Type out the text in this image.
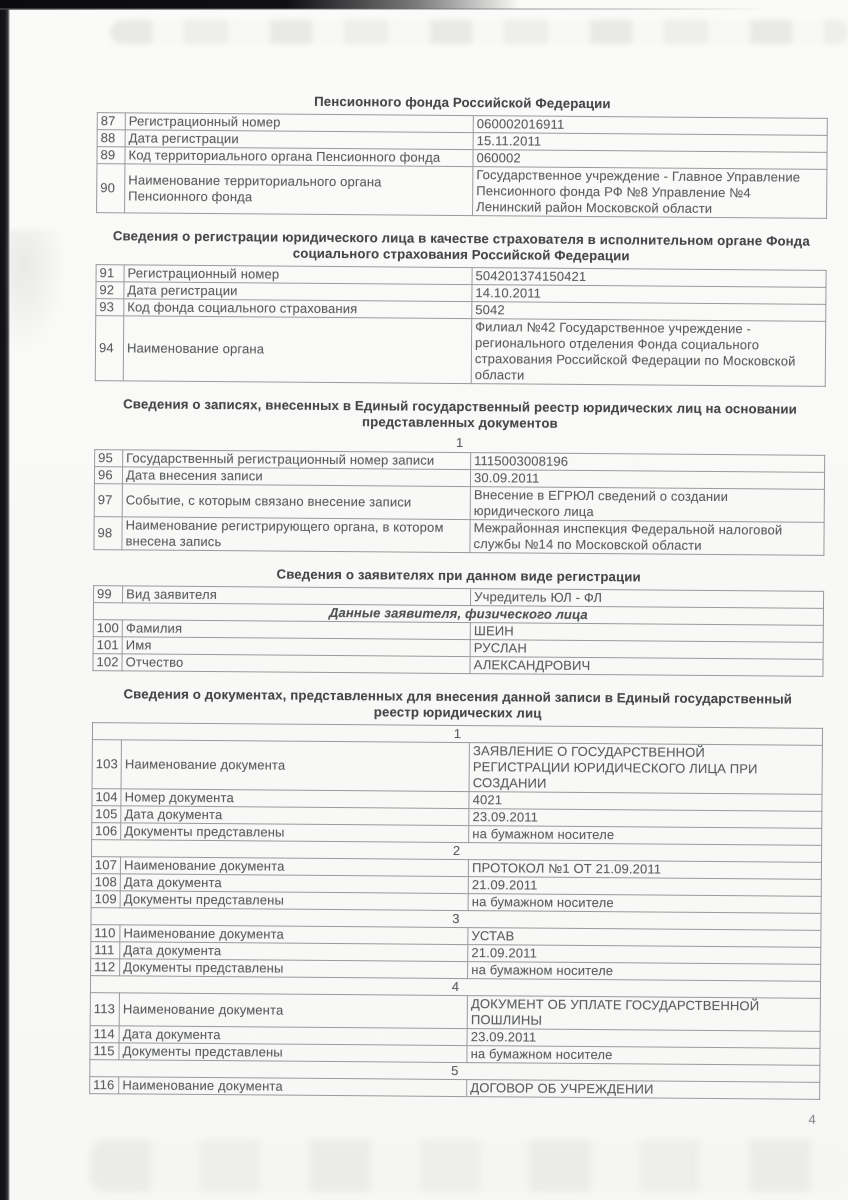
Пенсионного фонда Российской Федерации
87	Регистрационный номер	060002016911
88	Дата регистрации	15.11.2011
89	Код территориального органа Пенсионного фонда	060002
90	Наименование территориального органа
Пенсионного фонда	Государственное учреждение - Главное Управление
Пенсионного фонда РФ №8 Управление №4
Ленинский район Московской области
Сведения о регистрации юридического лица в качестве страхователя в исполнительном органе Фонда
социального страхования Российской Федерации
91	Регистрационный номер	504201374150421
92	Дата регистрации	14.10.2011
93	Код фонда социального страхования	5042
94	Наименование органа	Филиал №42 Государственное учреждение -
регионального отделения Фонда социального
страхования Российской Федерации по Московской
области
Сведения о записях, внесенных в Единый государственный реестр юридических лиц на основании
представленных документов
1
95	Государственный регистрационный номер записи	1115003008196
96	Дата внесения записи	30.09.2011
97	Событие, с которым связано внесение записи	Внесение в ЕГРЮЛ сведений о создании
юридического лица
98	Наименование регистрирующего органа, в котором
внесена запись	Межрайонная инспекция Федеральной налоговой
службы №14 по Московской области
Сведения о заявителях при данном виде регистрации
99	Вид заявителя	Учредитель ЮЛ - ФЛ
Данные заявителя, физического лица		
100	Фамилия	ШЕИН
101	Имя	РУСЛАН
102	Отчество	АЛЕКСАНДРОВИЧ
Сведения о документах, представленных для внесения данной записи в Единый государственный
реестр юридических лиц
1		
103	Наименование документа	ЗАЯВЛЕНИЕ О ГОСУДАРСТВЕННОЙ
РЕГИСТРАЦИИ ЮРИДИЧЕСКОГО ЛИЦА ПРИ
СОЗДАНИИ
104	Номер документа	4021
105	Дата документа	23.09.2011
106	Документы представлены	на бумажном носителе
2		
107	Наименование документа	ПРОТОКОЛ №1 ОТ 21.09.2011
108	Дата документа	21.09.2011
109	Документы представлены	на бумажном носителе
3		
110	Наименование документа	УСТАВ
111	Дата документа	21.09.2011
112	Документы представлены	на бумажном носителе
4		
113	Наименование документа	ДОКУМЕНТ ОБ УПЛАТЕ ГОСУДАРСТВЕННОЙ
ПОШЛИНЫ
114	Дата документа	23.09.2011
115	Документы представлены	на бумажном носителе
5		
116	Наименование документа	ДОГОВОР ОБ УЧРЕЖДЕНИИ
4
